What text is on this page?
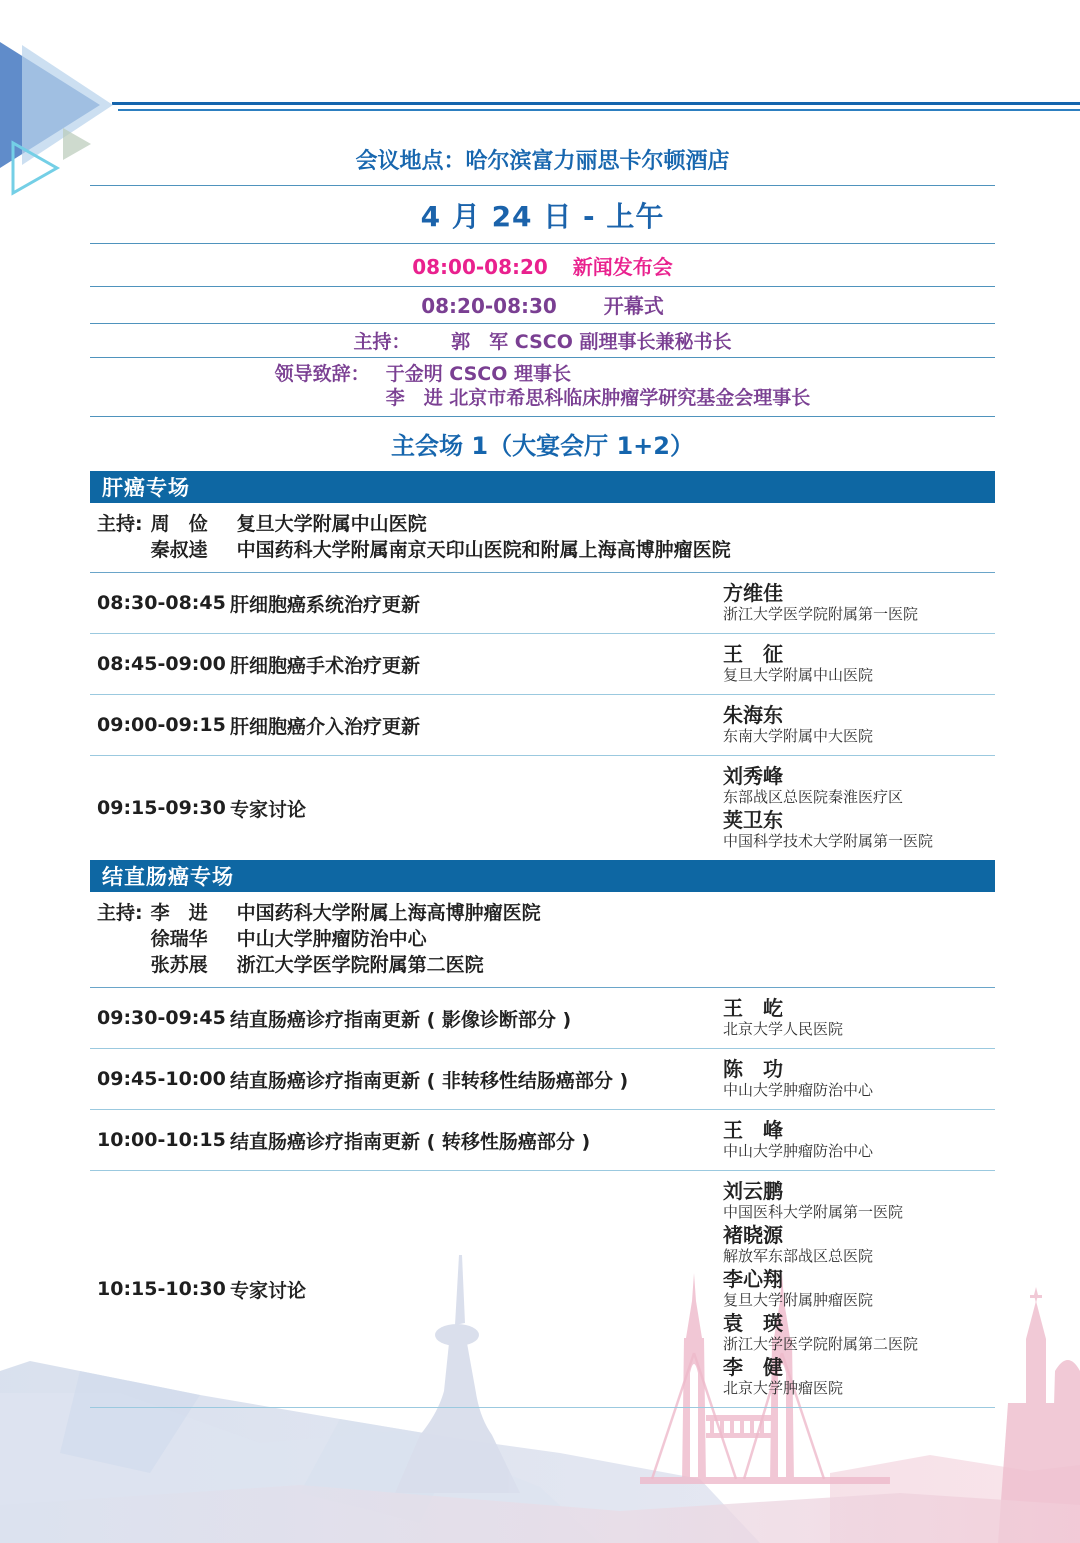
会议地点：哈尔滨富力丽思卡尔顿酒店
4 月 24 日 - 上午
08:00-08:20 新闻发布会
08:20-08:30 开幕式
主持： 郭　军 CSCO 副理事长兼秘书长
领导致辞： 于金明 CSCO 理事长
李　进 北京市希思科临床肿瘤学研究基金会理事长
主会场 1（大宴会厅 1+2）
肝癌专场
主持: 周　俭	复旦大学附属中山医院
秦叔逵	中国药科大学附属南京天印山医院和附属上海高博肿瘤医院
08:30-08:45 肝细胞癌系统治疗更新	方维佳
浙江大学医学院附属第一医院
08:45-09:00 肝细胞癌手术治疗更新	王　征
复旦大学附属中山医院
09:00-09:15 肝细胞癌介入治疗更新	朱海东
东南大学附属中大医院
09:15-09:30 专家讨论
刘秀峰
东部战区总医院秦淮医疗区
荚卫东
中国科学技术大学附属第一医院
结直肠癌专场
主持: 李　进	中国药科大学附属上海高博肿瘤医院
徐瑞华	中山大学肿瘤防治中心
张苏展	浙江大学医学院附属第二医院
09:30-09:45 结直肠癌诊疗指南更新 ( 影像诊断部分 )	王　屹
北京大学人民医院
09:45-10:00 结直肠癌诊疗指南更新 ( 非转移性结肠癌部分 )	陈　功
中山大学肿瘤防治中心
10:00-10:15 结直肠癌诊疗指南更新 ( 转移性肠癌部分 )	王　峰
中山大学肿瘤防治中心
10:15-10:30 专家讨论
刘云鹏
中国医科大学附属第一医院
褚晓源
解放军东部战区总医院
李心翔
复旦大学附属肿瘤医院
袁　瑛
浙江大学医学院附属第二医院
李　健
北京大学肿瘤医院
